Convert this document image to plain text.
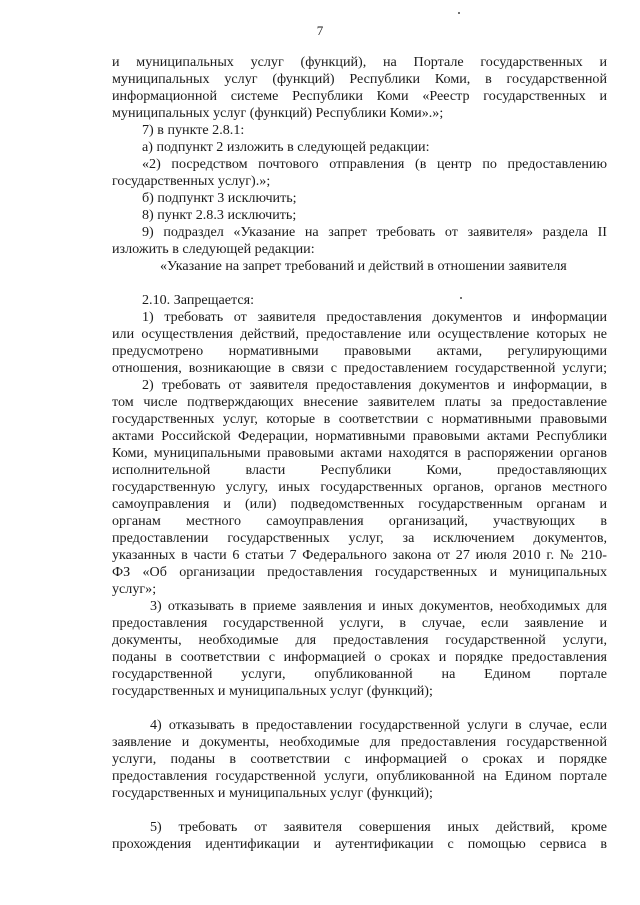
7
и муниципальных услуг (функций), на Портале государственных и
муниципальных услуг (функций) Республики Коми, в государственной
информационной системе Республики Коми «Реестр государственных и
муниципальных услуг (функций) Республики Коми».»;
7) в пункте 2.8.1:
а) подпункт 2 изложить в следующей редакции:
«2) посредством почтового отправления (в центр по предоставлению
государственных услуг).»;
б) подпункт 3 исключить;
8) пункт 2.8.3 исключить;
9) подраздел «Указание на запрет требовать от заявителя» раздела II
изложить в следующей редакции:
«Указание на запрет требований и действий в отношении заявителя
2.10. Запрещается:
1) требовать от заявителя предоставления документов и информации
или осуществления действий, предоставление или осуществление которых не
предусмотрено нормативными правовыми актами, регулирующими
отношения, возникающие в связи с предоставлением государственной услуги;
2) требовать от заявителя предоставления документов и информации, в
том числе подтверждающих внесение заявителем платы за предоставление
государственных услуг, которые в соответствии с нормативными правовыми
актами Российской Федерации, нормативными правовыми актами Республики
Коми, муниципальными правовыми актами находятся в распоряжении органов
исполнительной власти Республики Коми, предоставляющих
государственную услугу, иных государственных органов, органов местного
самоуправления и (или) подведомственных государственным органам и
органам местного самоуправления организаций, участвующих в
предоставлении государственных услуг, за исключением документов,
указанных в части 6 статьи 7 Федерального закона от 27 июля 2010 г. № 210-
ФЗ «Об организации предоставления государственных и муниципальных
услуг»;
3) отказывать в приеме заявления и иных документов, необходимых для
предоставления государственной услуги, в случае, если заявление и
документы, необходимые для предоставления государственной услуги,
поданы в соответствии с информацией о сроках и порядке предоставления
государственной услуги, опубликованной на Едином портале
государственных и муниципальных услуг (функций);
4) отказывать в предоставлении государственной услуги в случае, если
заявление и документы, необходимые для предоставления государственной
услуги, поданы в соответствии с информацией о сроках и порядке
предоставления государственной услуги, опубликованной на Едином портале
государственных и муниципальных услуг (функций);
5) требовать от заявителя совершения иных действий, кроме
прохождения идентификации и аутентификации с помощью сервиса в
